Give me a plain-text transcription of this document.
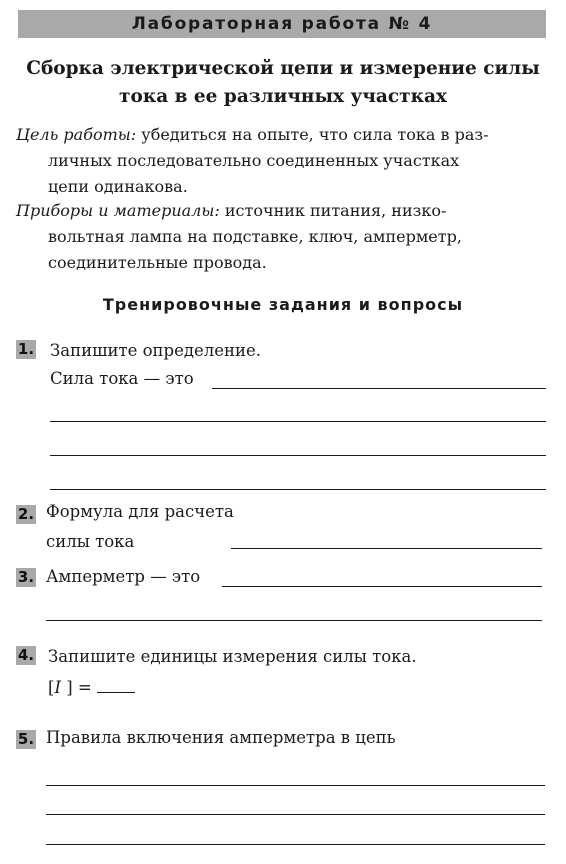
Лабораторная работа № 4
Сборка электрической цепи и измерение силы
тока в ее различных участках
Цель работы: убедиться на опыте, что сила тока в раз-
личных последовательно соединенных участках
цепи одинакова.
Приборы и материалы: источник питания, низко-
вольтная лампа на подставке, ключ, амперметр,
соединительные провода.
Тренировочные задания и вопросы
1. Запишите определение.
Сила тока — это
2. Формула для расчета
силы тока
3. Амперметр — это
4. Запишите единицы измерения силы тока.
[I ] =
5. Правила включения амперметра в цепь
